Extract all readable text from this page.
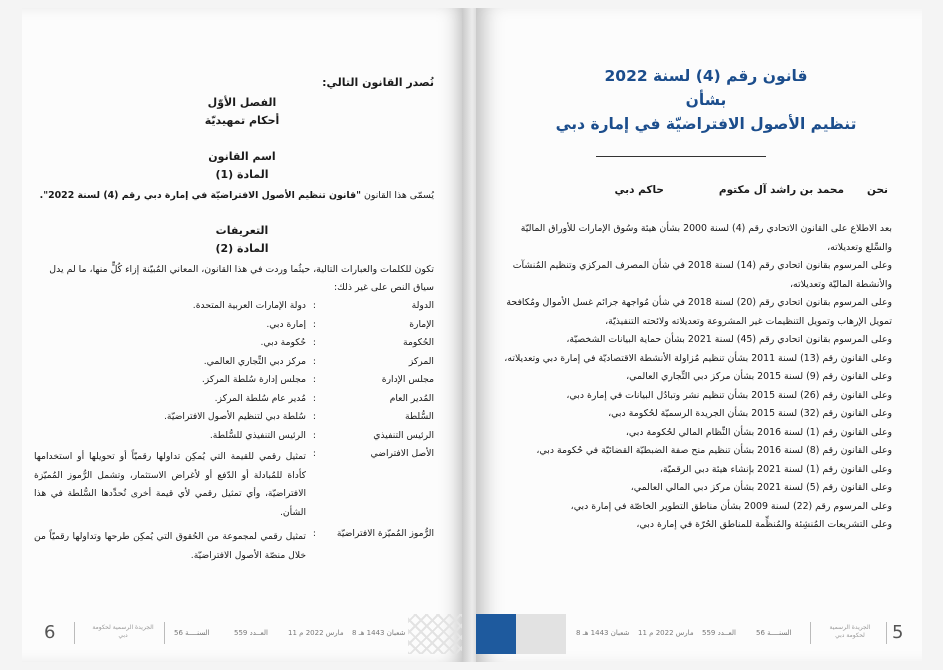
نُصدر القانون التالي:
الفصل الأوّل
أحكام تمهيديّة
اسم القانون
المادة (1)
يُسمّى هذا القانون "قانون تنظيم الأصول الافتراضيّة في إمارة دبي رقم (4) لسنة 2022".
التعريفات
المادة (2)
تكون للكلمات والعبارات التالية، حيثُما وردت في هذا القانون، المعاني المُبيّنة إزاء كُلٍّ منها، ما لم يدل
سياق النص على غير ذلك:
الدولة
:
دولة الإمارات العربية المتحدة.
الإمارة
:
إمارة دبي.
الحُكومة
:
حُكومة دبي.
المركز
:
مركز دبي التِّجاري العالمي.
مجلس الإدارة
:
مجلس إدارة سُلطة المركز.
المُدير العام
:
مُدير عام سُلطة المركز.
السُّلطة
:
سُلطة دبي لتنظيم الأصول الافتراضيّة.
الرئيس التنفيذي
:
الرئيس التنفيذي للسُّلطة.
الأصل الافتراضي
:
تمثيل رقمي للقيمة التي يُمكِن تداولها رقميّاً أو تحويلها أو استخدامها كأداة للمُبادلة أو الدّفع أو لأغراض الاستثمار، وتشمل الرُّموز المُميّزة الافتراضيّة، وأي تمثيل رقمي لأي قيمة أخرى تُحدِّدها السُّلطة في هذا الشأن.
الرُّموز المُميّزة الافتراضيّة
:
تمثيل رقمي لمجموعة من الحُقوق التي يُمكِن طرحها وتداولها رقميّاً من خلال منصّة الأصول الافتراضيّة.
6	الجريدة الرسمية لحكومة دبي	السنــــة 56	العــدد 559	11 مارس 2022 م 8 شعبان 1443 هـ
قانون رقم (4) لسنة 2022
بشأن
تنظيم الأصول الافتراضيّة في إمارة دبي
نحن
محمد بن راشد آل مكتوم
حاكم دبي

بعد الاطلاع على القانون الاتحادي رقم (4) لسنة 2000 بشأن هيئة وسُوق الإمارات للأوراق الماليّة

والسِّلع وتعديلاته،

وعلى المرسوم بقانون اتحادي رقم (14) لسنة 2018 في شأن المصرف المركزي وتنظيم المُنشآت

والأنشطة الماليّة وتعديلاته،

وعلى المرسوم بقانون اتحادي رقم (20) لسنة 2018 في شأن مُواجهة جرائم غسل الأموال ومُكافحة

تمويل الإرهاب وتمويل التنظيمات غير المشروعة وتعديلاته ولائحته التنفيذيّة،

وعلى المرسوم بقانون اتحادي رقم (45) لسنة 2021 بشأن حماية البيانات الشخصيّة،

وعلى القانون رقم (13) لسنة 2011 بشأن تنظيم مُزاولة الأنشطة الاقتصاديّة في إمارة دبي وتعديلاته،

وعلى القانون رقم (9) لسنة 2015 بشأن مركز دبي التِّجاري العالمي،

وعلى القانون رقم (26) لسنة 2015 بشأن تنظيم نشر وتبادُل البيانات في إمارة دبي،

وعلى القانون رقم (32) لسنة 2015 بشأن الجريدة الرسميّة لحُكومة دبي،

وعلى القانون رقم (1) لسنة 2016 بشأن النِّظام المالي لحُكومة دبي،

وعلى القانون رقم (8) لسنة 2016 بشأن تنظيم منح صفة الضبطيّة القضائيّة في حُكومة دبي،

وعلى القانون رقم (1) لسنة 2021 بإنشاء هيئة دبي الرقميّة،

وعلى القانون رقم (5) لسنة 2021 بشأن مركز دبي المالي العالمي،

وعلى المرسوم رقم (22) لسنة 2009 بشأن مناطق التطوير الخاصّة في إمارة دبي،

وعلى التشريعات المُنشِئة والمُنظِّمة للمناطق الحُرّة في إمارة دبي،

8 شعبان 1443 هـ 11 مارس 2022 م العــدد 559	السنــــة 56
الجريدة الرسمية لحكومة دبي	5
